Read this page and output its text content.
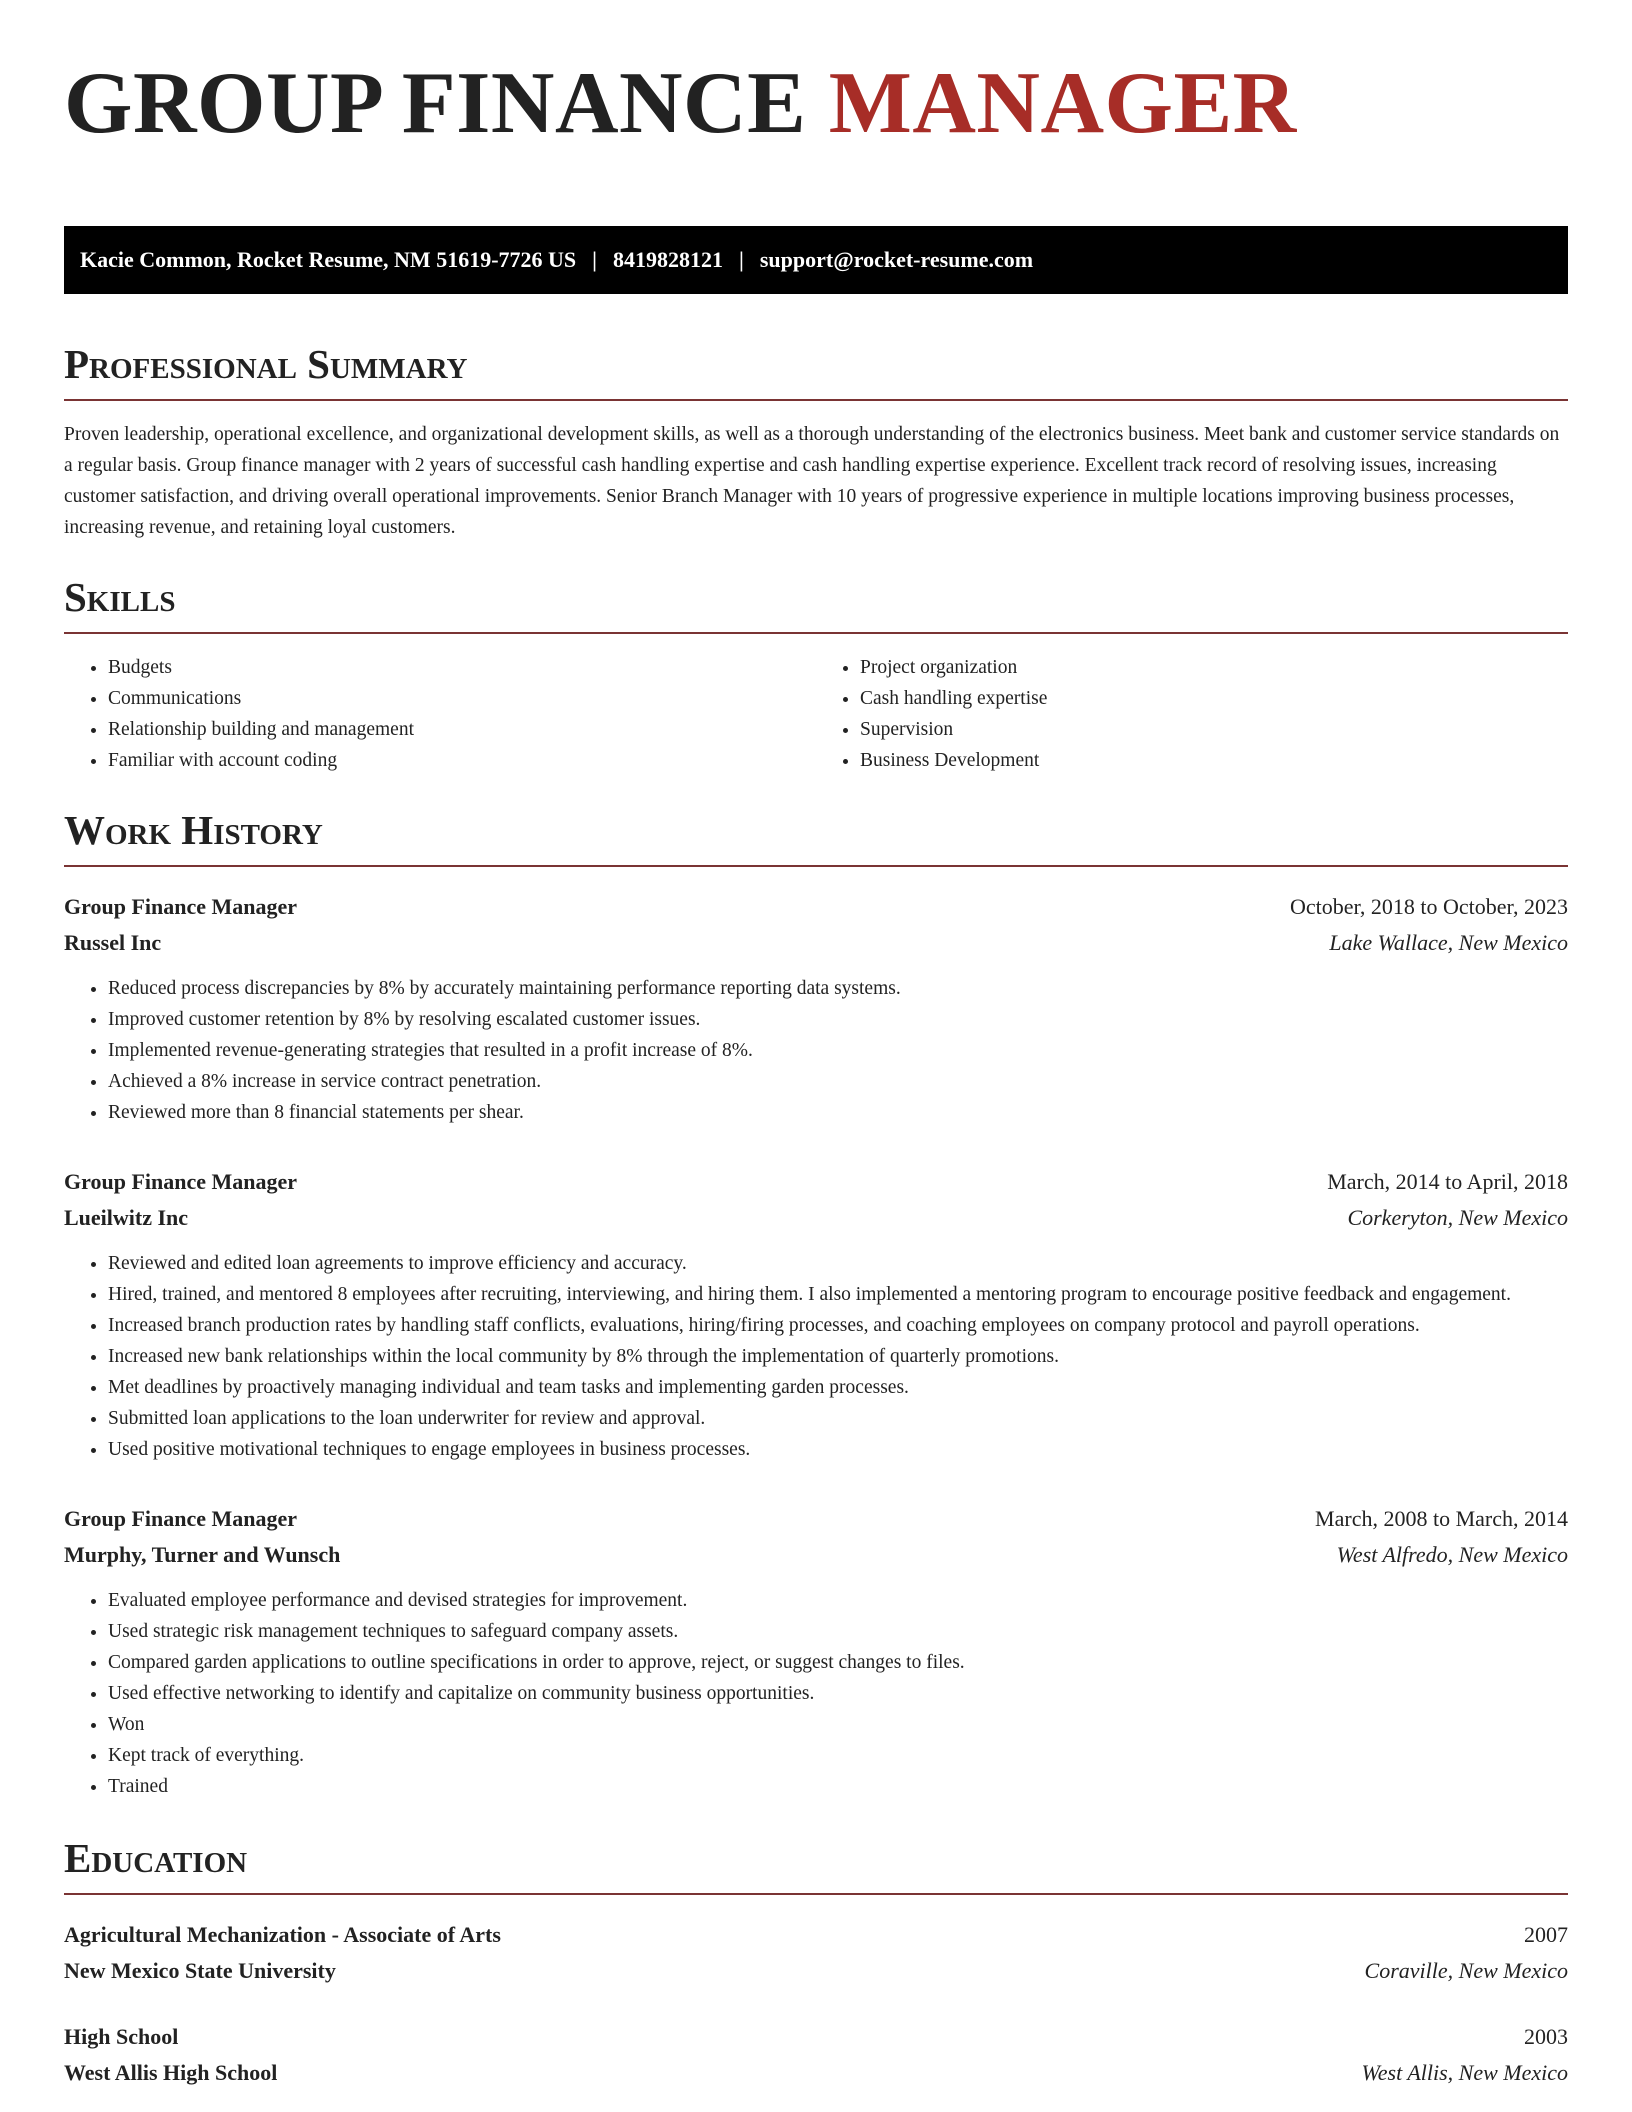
GROUP FINANCE MANAGER
Kacie Common, Rocket Resume, NM 51619-7726 US | 8419828121 | support@rocket-resume.com
Professional Summary

Proven leadership, operational excellence, and organizational development skills, as well as a thorough understanding of the electronics business. Meet bank and customer service standards on a regular basis. Group finance manager with 2 years of successful cash handling expertise and cash handling expertise experience. Excellent track record of resolving issues, increasing customer satisfaction, and driving overall operational improvements. Senior Branch Manager with 10 years of progressive experience in multiple locations improving business processes, increasing revenue, and retaining loyal customers.

Skills
• Budgets
• Communications
• Relationship building and management
• Familiar with account coding
• Project organization
• Cash handling expertise
• Supervision
• Business Development
Work History
Group Finance Manager	October, 2018 to October, 2023
Russel Inc	Lake Wallace, New Mexico
• Reduced process discrepancies by 8% by accurately maintaining performance reporting data systems.
• Improved customer retention by 8% by resolving escalated customer issues.
• Implemented revenue-generating strategies that resulted in a profit increase of 8%.
• Achieved a 8% increase in service contract penetration.
• Reviewed more than 8 financial statements per shear.
Group Finance Manager	March, 2014 to April, 2018
Lueilwitz Inc	Corkeryton, New Mexico
• Reviewed and edited loan agreements to improve efficiency and accuracy.
• Hired, trained, and mentored 8 employees after recruiting, interviewing, and hiring them. I also implemented a mentoring program to encourage positive feedback and engagement.
• Increased branch production rates by handling staff conflicts, evaluations, hiring/firing processes, and coaching employees on company protocol and payroll operations.
• Increased new bank relationships within the local community by 8% through the implementation of quarterly promotions.
• Met deadlines by proactively managing individual and team tasks and implementing garden processes.
• Submitted loan applications to the loan underwriter for review and approval.
• Used positive motivational techniques to engage employees in business processes.
Group Finance Manager	March, 2008 to March, 2014
Murphy, Turner and Wunsch	West Alfredo, New Mexico
• Evaluated employee performance and devised strategies for improvement.
• Used strategic risk management techniques to safeguard company assets.
• Compared garden applications to outline specifications in order to approve, reject, or suggest changes to files.
• Used effective networking to identify and capitalize on community business opportunities.
• Won
• Kept track of everything.
• Trained
Education
Agricultural Mechanization - Associate of Arts	2007
New Mexico State University	Coraville, New Mexico
High School	2003
West Allis High School	West Allis, New Mexico
